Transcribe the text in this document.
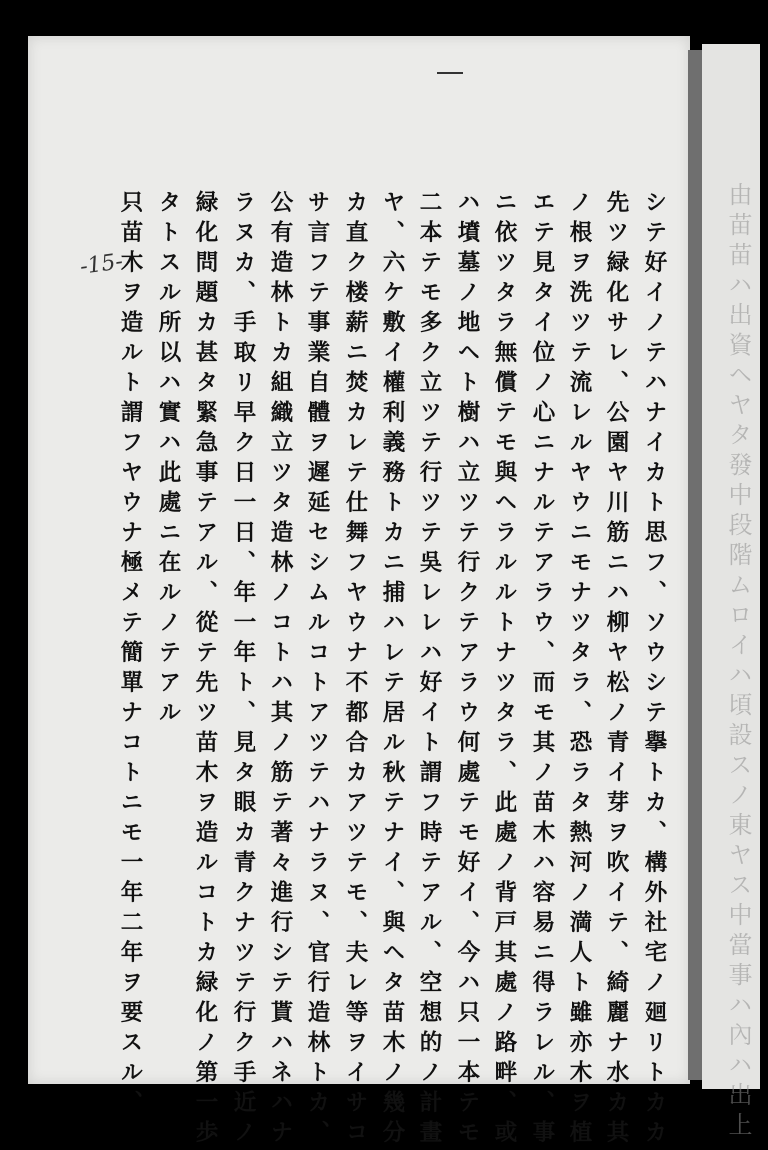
由苗苗ハ出資ヘヤタ發中段階ムロイハ頃設スノ東ヤス中當事ハ內ハ出上
-15-	シテ好イノテハナイカト思フ、ソウシテ擧トカ、構外社宅ノ廻リトカカ
先ツ緑化サレ、公園ヤ川筋ニハ柳ヤ松ノ青イ芽ヲ吹イテ、綺麗ナ水カ其
ノ根ヲ洗ツテ流レルヤウニモナツタラ、恐ラタ熱河ノ満人ト雖亦木ヲ植
エテ見タイ位ノ心ニナルテアラウ、而モ其ノ苗木ハ容易ニ得ラレル、事
ニ依ツタラ無償テモ與ヘラルルトナツタラ、此處ノ背戸其處ノ路畔、或
ハ墳墓ノ地ヘト樹ハ立ツテ行クテアラウ何處テモ好イ、今ハ只一本テモ
二本テモ多ク立ツテ行ツテ吳レレハ好イト謂フ時テアル、空想的ノ計畫
ヤ、六ケ敷イ權利義務トカニ捕ハレテ居ル秋テナイ、與ヘタ苗木ノ幾分
カ直ク楼薪ニ焚カレテ仕舞フヤウナ不都合カアツテモ、夫レ等ヲイサコ
サ言フテ事業自體ヲ遲延セシムルコトアツテハナラヌ、官行造林トカ、
公有造林トカ組織立ツタ造林ノコトハ其ノ筋テ著々進行シテ貰ハネハナ
ラヌカ、手取リ早ク日一日、年一年ト、見タ眼カ青クナツテ行ク手近ノ
緑化問題カ甚タ緊急事テアル、從テ先ツ苗木ヲ造ルコトカ緑化ノ第一歩
タトスル所以ハ實ハ此處ニ在ルノテアル
只苗木ヲ造ルト謂フヤウナ極メテ簡單ナコトニモ一年二年ヲ要スル、
